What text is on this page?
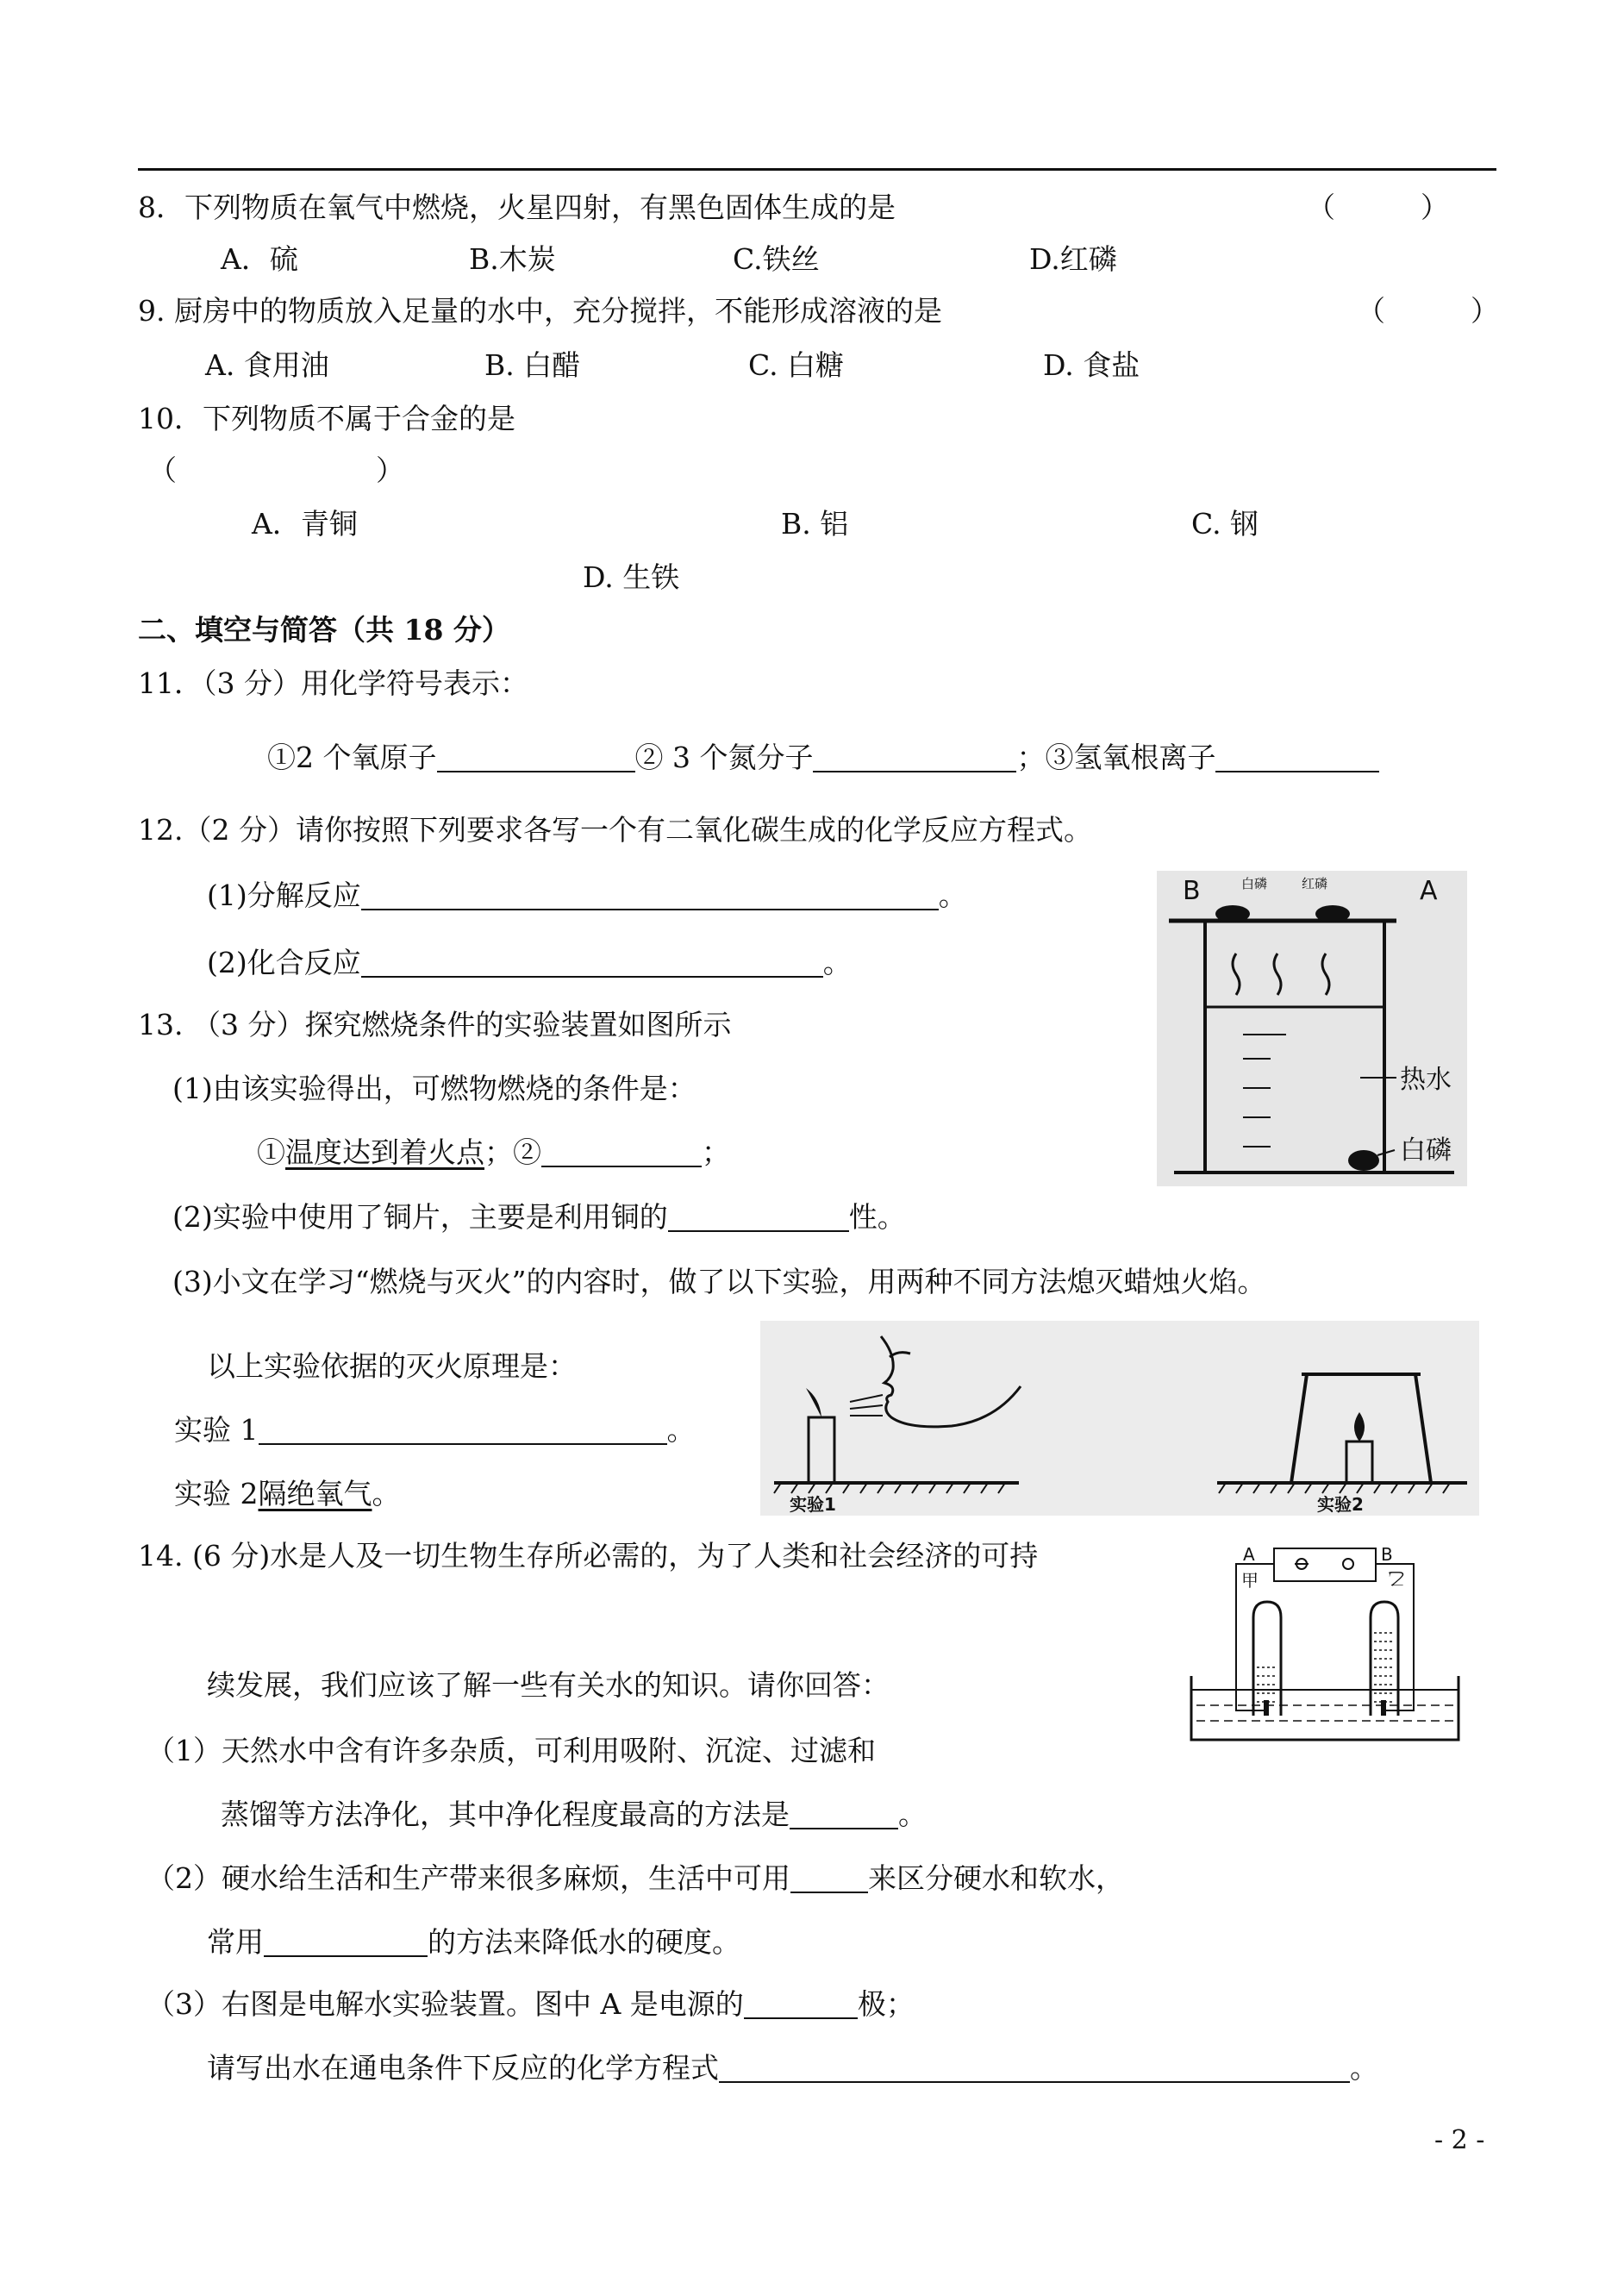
8．下列物质在氧气中燃烧，火星四射，有黑色固体生成的是	（　　　）
A．硫	B.木炭	C.铁丝	D.红磷
9. 厨房中的物质放入足量的水中，充分搅拌，不能形成溶液的是	（　　　）
A. 食用油	B. 白醋	C. 白糖	D. 食盐
10．下列物质不属于合金的是
（　　　　　　　）
A．青铜	B. 铝	C. 钢
D. 生铁
二、填空与简答（共 18 分）
11．（3 分）用化学符号表示：
①2 个氧原子	② 3 个氮分子	；③氢氧根离子
12.（2 分）请你按照下列要求各写一个有二氧化碳生成的化学反应方程式。
(1)分解反应	。
(2)化合反应	。
B	A
白磷	红磷
热水
白磷
13. （3 分）探究燃烧条件的实验装置如图所示
(1)由该实验得出，可燃物燃烧的条件是：
①温度达到着火点；②	；
(2)实验中使用了铜片，主要是利用铜的	性。
(3)小文在学习“燃烧与灭火”的内容时，做了以下实验，用两种不同方法熄灭蜡烛火焰。
以上实验依据的灭火原理是：
实验 1	。
实验 2隔绝氧气。	实验1	实验2
14. (6 分)水是人及一切生物生存所必需的，为了人类和社会经济的可持
续发展，我们应该了解一些有关水的知识。请你回答：
（1）天然水中含有许多杂质，可利用吸附、沉淀、过滤和
蒸馏等方法净化，其中净化程度最高的方法是	。
（2）硬水给生活和生产带来很多麻烦，生活中可用	来区分硬水和软水，
常用	的方法来降低水的硬度。
（3）右图是电解水实验装置。图中 A 是电源的	极；
请写出水在通电条件下反应的化学方程式	。
A	B
甲	乙
- 2 -
